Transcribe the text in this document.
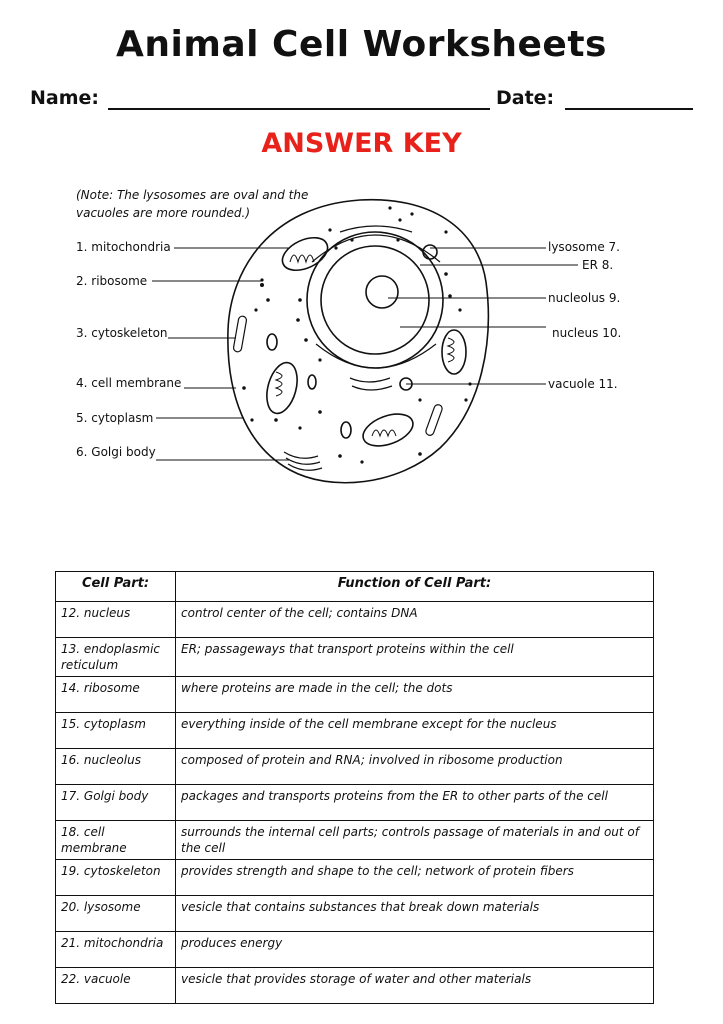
Animal Cell Worksheets
Name:	Date:
ANSWER KEY
(Note: The lysosomes are oval and the
vacuoles are more rounded.)
1. mitochondria
2. ribosome
3. cytoskeleton
4. cell membrane
5. cytoplasm
6. Golgi body
lysosome 7.
ER 8.
nucleolus 9.
nucleus 10.
vacuole 11.
Cell Part:	Function of Cell Part:
12. nucleus	control center of the cell; contains DNA
13. endoplasmic reticulum	ER; passageways that transport proteins within the cell
14. ribosome	where proteins are made in the cell; the dots
15. cytoplasm	everything inside of the cell membrane except for the nucleus
16. nucleolus	composed of protein and RNA; involved in ribosome production
17. Golgi body	packages and transports proteins from the ER to other parts of the cell
18. cell membrane	surrounds the internal cell parts; controls passage of materials in and out of the cell
19. cytoskeleton	provides strength and shape to the cell; network of protein fibers
20. lysosome	vesicle that contains substances that break down materials
21. mitochondria	produces energy
22. vacuole	vesicle that provides storage of water and other materials
